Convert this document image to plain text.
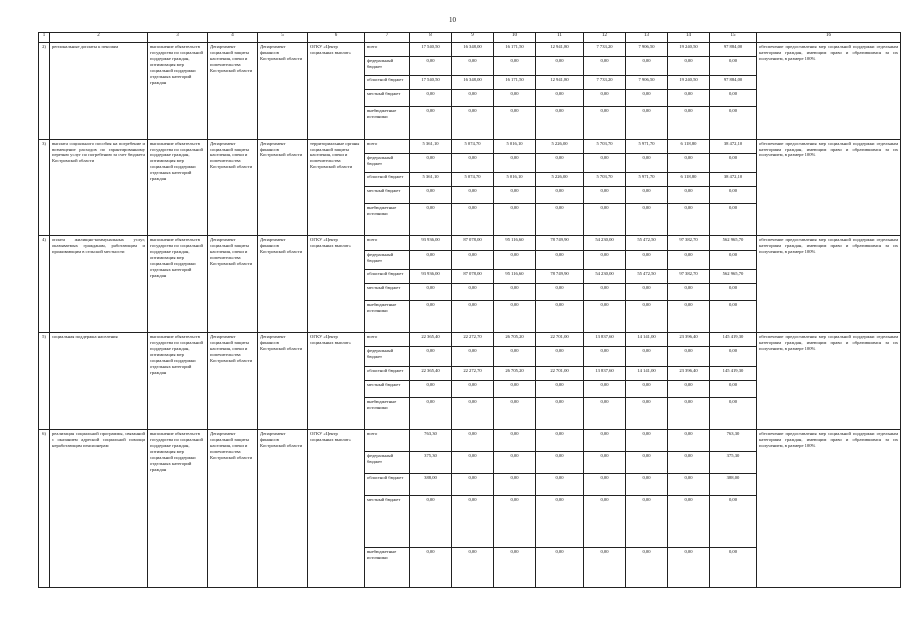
10
1	2	3	4	5	6	7	8	9	10	11	12	13	14	15	16
2)	региональные доплаты к пенсиям	выполнение обязательств государства по социальной поддержке граждан, оптимизация мер социальной поддержки отдельных категорий граждан	Департамент социальной защиты населения, опеки и попечительства Костромской области	Департамент финансов Костромской области	ОГКУ «Центр социальных выплат»	всего	17 540,50	16 348,00	16 171,50	12 941,80	7 733,20	7 906,50	19 240,50	97 884,00	обеспечение предоставления мер социальной поддержки отдельным категориям граждан, имеющим право и обратившимся за их получением, в размере 100%
						федеральный бюджет	0,00	0,00	0,00	0,00	0,00	0,00	0,00	0,00	
						областной бюджет	17 540,50	16 348,00	16 171,50	12 941,80	7 733,20	7 906,50	19 240,50	97 884,00	
						местный бюджет	0,00	0,00	0,00	0,00	0,00	0,00	0,00	0,00	
						внебюджетные источники	0,00	0,00	0,00	0,00	0,00	0,00	0,00	0,00	
3)	выплата социального пособия на погребение и возмещение расходов по гарантированному перечню услуг по погребению за счет бюджета Костромской области	выполнение обязательств государства по социальной поддержке граждан, оптимизация мер социальной поддержки отдельных категорий граждан	Департамент социальной защиты населения, опеки и попечительства Костромской области	Департамент финансов Костромской области	территориальные органы социальной защиты населения, опеки и попечительства Костромской области	всего	5 361,10	5 074,70	5 016,10	5 226,00	5 703,70	5 971,70	6 118,80	38 472,10	обеспечение предоставления мер социальной поддержки отдельным категориям граждан, имеющим право и обратившимся за их получением, в размере 100%
						федеральный бюджет	0,00	0,00	0,00	0,00	0,00	0,00	0,00	0,00	
						областной бюджет	5 361,10	5 074,70	5 016,10	5 226,00	5 703,70	5 971,70	6 118,80	38 472,10	
						местный бюджет	0,00	0,00	0,00	0,00	0,00	0,00	0,00	0,00	
						внебюджетные источники	0,00	0,00	0,00	0,00	0,00	0,00	0,00	0,00	
4)	оплата жилищно-коммунальных услуг, оказываемых гражданам, работающим и проживающим в сельской местности	выполнение обязательств государства по социальной поддержке граждан, оптимизация мер социальной поддержки отдельных категорий граждан	Департамент социальной защиты населения, опеки и попечительства Костромской области	Департамент финансов Костромской области	ОГКУ «Центр социальных выплат»	всего	93 936,00	87 078,00	95 116,60	78 749,90	54 230,00	55 472,50	97 382,70	562 965,70	обеспечение предоставления мер социальной поддержки отдельным категориям граждан, имеющим право и обратившимся за их получением, в размере 100%
						федеральный бюджет	0,00	0,00	0,00	0,00	0,00	0,00	0,00	0,00	
						областной бюджет	93 936,00	87 078,00	95 116,60	78 749,90	54 230,00	55 472,50	97 382,70	562 965,70	
						местный бюджет	0,00	0,00	0,00	0,00	0,00	0,00	0,00	0,00	
						внебюджетные источники	0,00	0,00	0,00	0,00	0,00	0,00	0,00	0,00	
5)	социальная поддержка населения	выполнение обязательств государства по социальной поддержке граждан, оптимизация мер социальной поддержки отдельных категорий граждан	Департамент социальной защиты населения, опеки и попечительства Костромской области	Департамент финансов Костромской области	ОГКУ «Центр социальных выплат»	всего	22 365,40	22 272,70	26 705,20	22 701,00	13 837,60	14 141,00	23 396,40	145 419,30	обеспечение предоставления мер социальной поддержки отдельным категориям граждан, имеющим право и обратившимся за их получением, в размере 100%
						федеральный бюджет	0,00	0,00	0,00	0,00	0,00	0,00	0,00	0,00	
						областной бюджет	22 365,40	22 272,70	26 705,20	22 701,00	13 837,60	14 141,00	23 396,40	145 419,30	
						местный бюджет	0,00	0,00	0,00	0,00	0,00	0,00	0,00	0,00	
						внебюджетные источники	0,00	0,00	0,00	0,00	0,00	0,00	0,00	0,00	
6)	реализация социальной программы, связанной с оказанием адресной социальной помощи неработающим пенсионерам	выполнение обязательств государства по социальной поддержке граждан, оптимизация мер социальной поддержки отдельных категорий граждан	Департамент социальной защиты населения, опеки и попечительства Костромской области	Департамент финансов Костромской области	ОГКУ «Центр социальных выплат»	всего	763,30	0,00	0,00	0,00	0,00	0,00	0,00	763,30	обеспечение предоставления мер социальной поддержки отдельным категориям граждан, имеющим право и обратившимся за их получением, в размере 100%
						федеральный бюджет	375,30	0,00	0,00	0,00	0,00	0,00	0,00	375,30	
						областной бюджет	388,00	0,00	0,00	0,00	0,00	0,00	0,00	388,00	
						местный бюджет	0,00	0,00	0,00	0,00	0,00	0,00	0,00	0,00	
						внебюджетные источники	0,00	0,00	0,00	0,00	0,00	0,00	0,00	0,00	
